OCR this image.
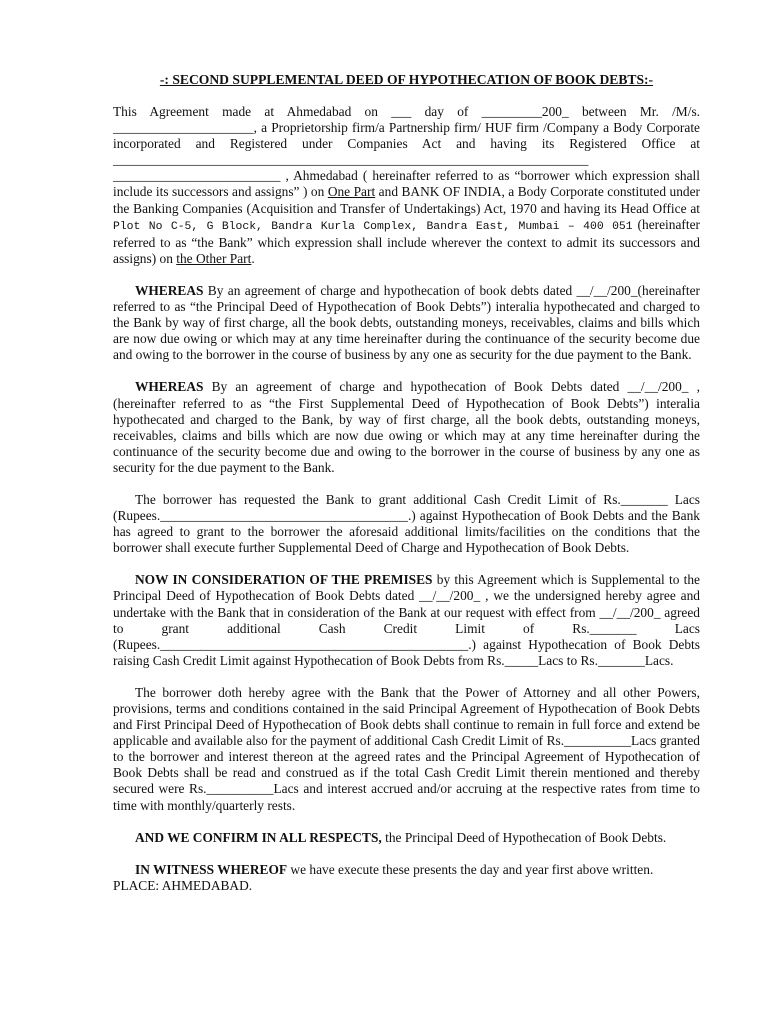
-: SECOND SUPPLEMENTAL DEED OF HYPOTHECATION OF BOOK DEBTS:-

This Agreement made at Ahmedabad on ___ day of _________200_ between Mr. /M/s. _____________________, a Proprietorship firm/a Partnership firm/ HUF firm /Company a Body Corporate incorporated and Registered under Companies Act and having its Registered Office at _______________________________________________________________________ _________________________ , Ahmedabad ( hereinafter referred to as “borrower which expression shall include its successors and assigns” ) on One Part and BANK OF INDIA, a Body Corporate constituted under the Banking Companies (Acquisition and Transfer of Undertakings) Act, 1970 and having its Head Office at Plot No C-5, G Block, Bandra Kurla Complex, Bandra East, Mumbai – 400 051 (hereinafter referred to as “the Bank” which expression shall include wherever the context to admit its successors and assigns) on the Other Part.

WHEREAS By an agreement of charge and hypothecation of book debts dated __/__/200_(hereinafter referred to as “the Principal Deed of Hypothecation of Book Debts”) interalia hypothecated and charged to the Bank by way of first charge, all the book debts, outstanding moneys, receivables, claims and bills which are now due owing or which may at any time hereinafter during the continuance of the security become due and owing to the borrower in the course of business by any one as security for the due payment to the Bank.

WHEREAS By an agreement of charge and hypothecation of Book Debts dated __/__/200_ , (hereinafter referred to as “the First Supplemental Deed of Hypothecation of Book Debts”) interalia hypothecated and charged to the Bank, by way of first charge, all the book debts, outstanding moneys, receivables, claims and bills which are now due owing or which may at any time hereinafter during the continuance of the security become due and owing to the borrower in the course of business by any one as security for the due payment to the Bank.

The borrower has requested the Bank to grant additional Cash Credit Limit of Rs._______ Lacs (Rupees._____________________________________.) against Hypothecation of Book Debts and the Bank has agreed to grant to the borrower the aforesaid additional limits/facilities on the conditions that the borrower shall execute further Supplemental Deed of Charge and Hypothecation of Book Debts.

NOW IN CONSIDERATION OF THE PREMISES by this Agreement which is Supplemental to the Principal Deed of Hypothecation of Book Debts dated __/__/200_ , we the undersigned hereby agree and undertake with the Bank that in consideration of the Bank at our request with effect from __/__/200_ agreed to grant additional Cash Credit Limit of Rs._______ Lacs (Rupees.______________________________________________.) against Hypothecation of Book Debts raising Cash Credit Limit against Hypothecation of Book Debts from Rs._____Lacs to Rs._______Lacs.

The borrower doth hereby agree with the Bank that the Power of Attorney and all other Powers, provisions, terms and conditions contained in the said Principal Agreement of Hypothecation of Book Debts and First Principal Deed of Hypothecation of Book debts shall continue to remain in full force and extend be applicable and available also for the payment of additional Cash Credit Limit of Rs.__________Lacs granted to the borrower and interest thereon at the agreed rates and the Principal Agreement of Hypothecation of Book Debts shall be read and construed as if the total Cash Credit Limit therein mentioned and thereby secured were Rs.__________Lacs and interest accrued and/or accruing at the respective rates from time to time with monthly/quarterly rests.

AND WE CONFIRM IN ALL RESPECTS, the Principal Deed of Hypothecation of Book Debts.

IN WITNESS WHEREOF we have execute these presents the day and year first above written.

PLACE: AHMEDABAD.
